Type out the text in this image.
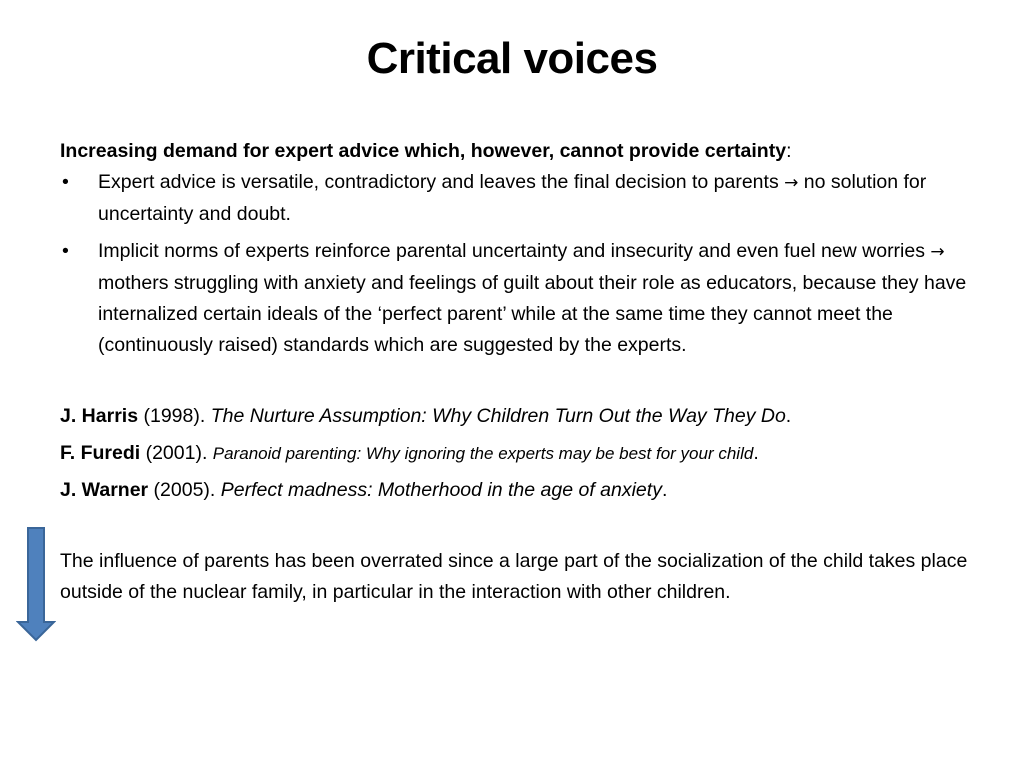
Critical voices
Increasing demand for expert advice which, however, cannot provide certainty:
• Expert advice is versatile, contradictory and leaves the final decision to parents → no solution for uncertainty and doubt.
• Implicit norms of experts reinforce parental uncertainty and insecurity and even fuel new worries → mothers struggling with anxiety and feelings of guilt about their role as educators, because they have internalized certain ideals of the ‘perfect parent’ while at the same time they cannot meet the (continuously raised) standards which are suggested by the experts.
J. Harris (1998). The Nurture Assumption: Why Children Turn Out the Way They Do.
F. Furedi (2001). Paranoid parenting: Why ignoring the experts may be best for your child.
J. Warner (2005). Perfect madness: Motherhood in the age of anxiety.
The influence of parents has been overrated since a large part of the socialization of the child takes place outside of the nuclear family, in particular in the interaction with other children.
